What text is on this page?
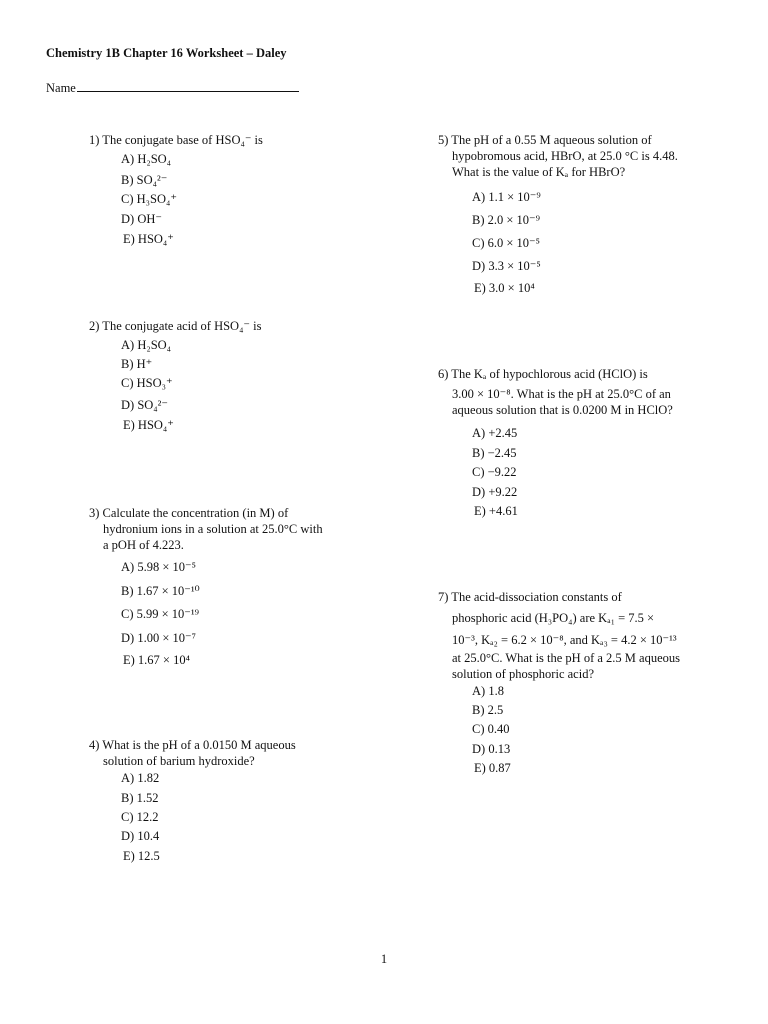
Chemistry 1B Chapter 16 Worksheet – Daley
Name
1) The conjugate base of HSO₄⁻ is
A) H₂SO₄
B) SO₄²⁻
C) H₃SO₄⁺
D) OH⁻
E) HSO₄⁺
2) The conjugate acid of HSO₄⁻ is
A) H₂SO₄
B) H⁺
C) HSO₃⁺
D) SO₄²⁻
E) HSO₄⁺
3) Calculate the concentration (in M) of
hydronium ions in a solution at 25.0°C with
a pOH of 4.223.
A) 5.98 × 10⁻⁵
B) 1.67 × 10⁻¹⁰
C) 5.99 × 10⁻¹⁹
D) 1.00 × 10⁻⁷
E) 1.67 × 10⁴
4) What is the pH of a 0.0150 M aqueous
solution of barium hydroxide?
A) 1.82
B) 1.52
C) 12.2
D) 10.4
E) 12.5
5) The pH of a 0.55 M aqueous solution of
hypobromous acid, HBrO, at 25.0 °C is 4.48.
What is the value of Kₐ for HBrO?
A) 1.1 × 10⁻⁹
B) 2.0 × 10⁻⁹
C) 6.0 × 10⁻⁵
D) 3.3 × 10⁻⁵
E) 3.0 × 10⁴
6) The Kₐ of hypochlorous acid (HClO) is
3.00 × 10⁻⁸. What is the pH at 25.0°C of an
aqueous solution that is 0.0200 M in HClO?
A) +2.45
B) −2.45
C) −9.22
D) +9.22
E) +4.61
7) The acid-dissociation constants of
phosphoric acid (H₃PO₄) are Kₐ₁ = 7.5 ×
10⁻³, Kₐ₂ = 6.2 × 10⁻⁸, and Kₐ₃ = 4.2 × 10⁻¹³
at 25.0°C. What is the pH of a 2.5 M aqueous
solution of phosphoric acid?
A) 1.8
B) 2.5
C) 0.40
D) 0.13
E) 0.87
1
